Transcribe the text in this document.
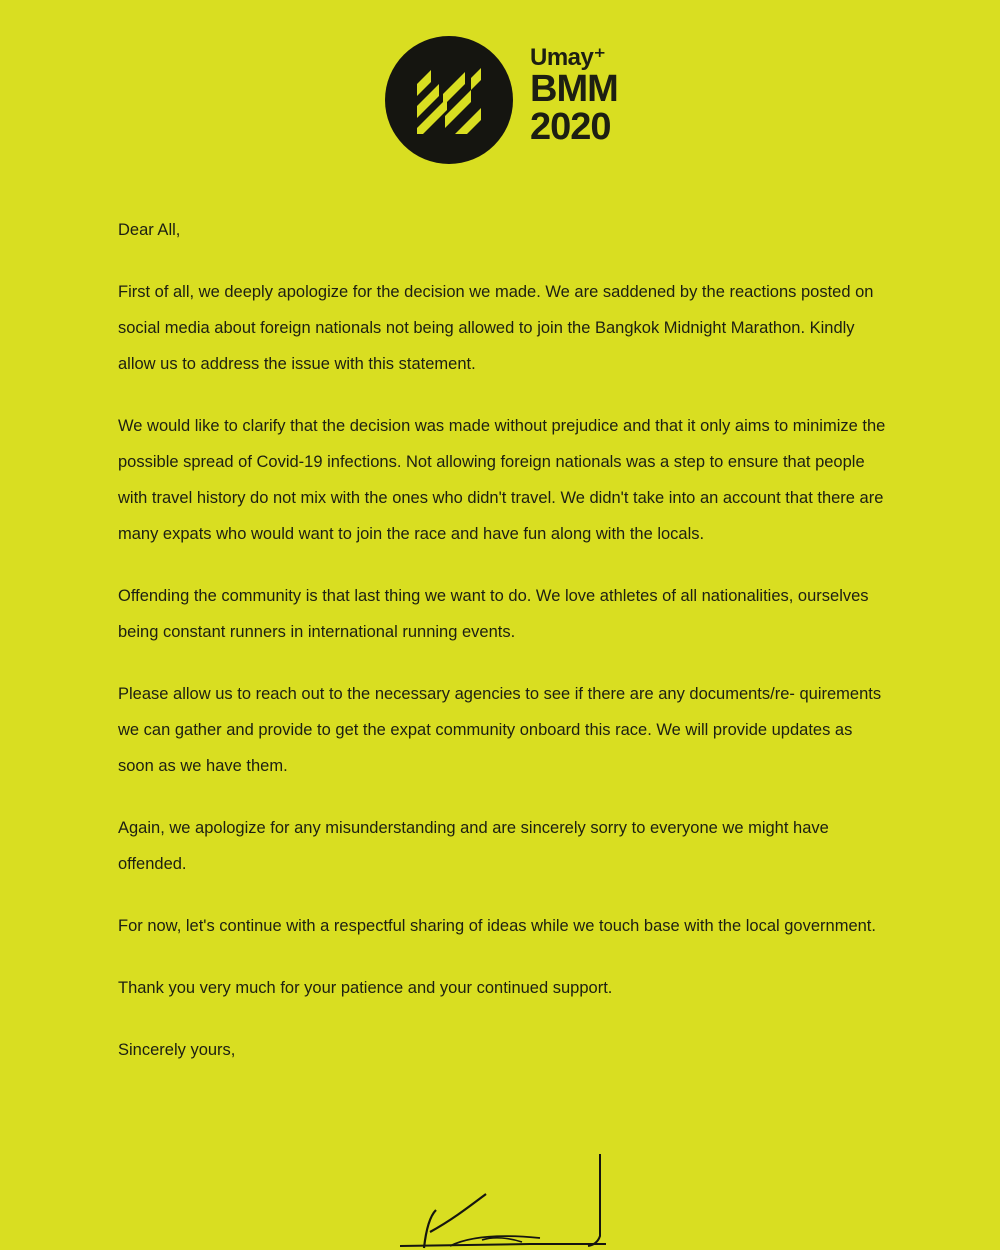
Umay⁺
BMM
2020

Dear All,

First of all, we deeply apologize for the decision we made. We are saddened by the reactions posted on social media about foreign nationals not being allowed to join the Bangkok Midnight Marathon. Kindly allow us to address the issue with this statement.

We would like to clarify that the decision was made without prejudice and that it only aims to minimize the possible spread of Covid-19 infections. Not allowing foreign nationals was a step to ensure that people with travel history do not mix with the ones who didn't travel. We didn't take into an account that there are many expats who would want to join the race and have fun along with the locals.

Offending the community is that last thing we want to do. We love athletes of all nationalities, ourselves being constant runners in international running events.

Please allow us to reach out to the necessary agencies to see if there are any documents/re- quirements we can gather and provide to get the expat community onboard this race. We will provide updates as soon as we have them.

Again, we apologize for any misunderstanding and are sincerely sorry to everyone we might have offended.

For now, let's continue with a respectful sharing of ideas while we touch base with the local government.

Thank you very much for your patience and your continued support.

Sincerely yours,
